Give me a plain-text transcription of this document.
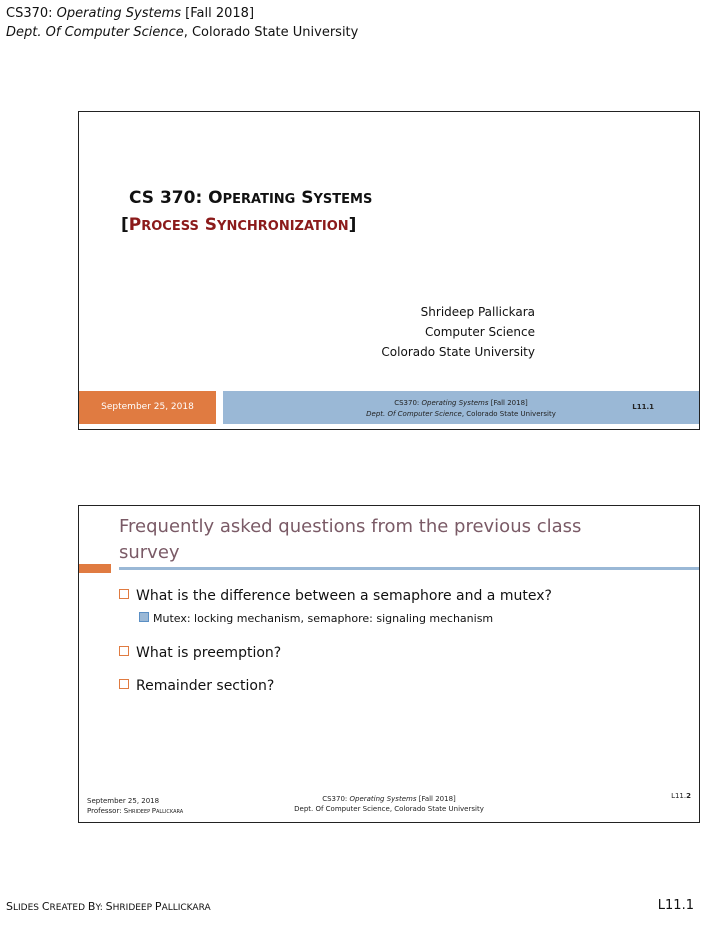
CS370: Operating Systems [Fall 2018]
Dept. Of Computer Science, Colorado State University
CS 370: OPERATING SYSTEMS
[PROCESS SYNCHRONIZATION]
Shrideep Pallickara
Computer Science
Colorado State University
September 25, 2018	CS370: Operating Systems [Fall 2018]
Dept. Of Computer Science, Colorado State University
L11.1
Frequently asked questions from the previous class survey
What is the difference between a semaphore and a mutex?
Mutex: locking mechanism, semaphore: signaling mechanism
What is preemption?
Remainder section?
September 25, 2018
Professor: SHRIDEEP PALLICKARA
CS370: Operating Systems [Fall 2018]
Dept. Of Computer Science, Colorado State University
L11.2
SLIDES CREATED BY: SHRIDEEP PALLICKARA	L11.1
